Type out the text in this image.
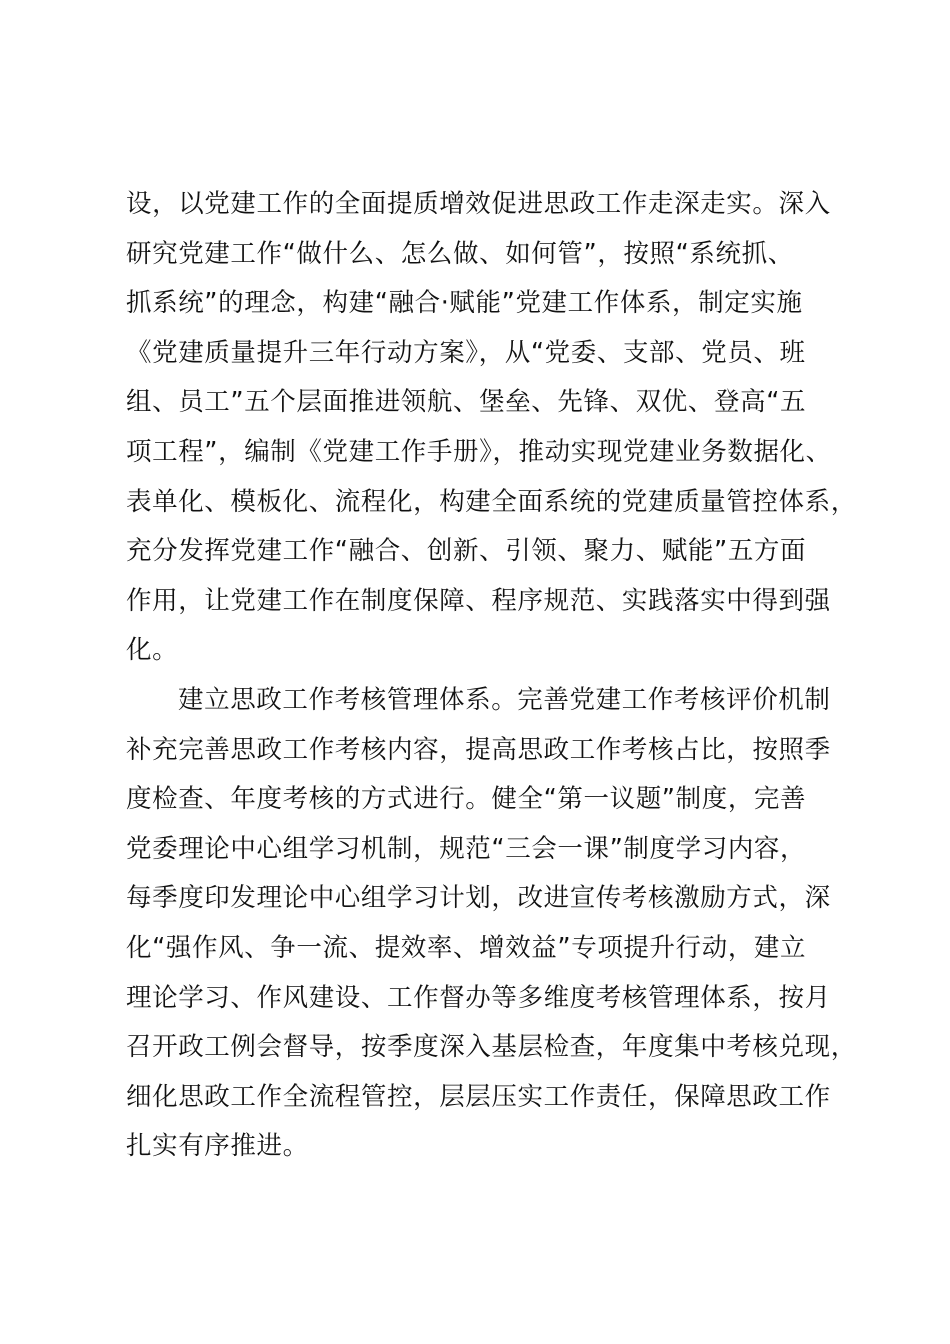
设，以党建工作的全面提质增效促进思政工作走深走实。深入
研究党建工作“做什么、怎么做、如何管”，按照“系统抓、
抓系统”的理念，构建“融合·赋能”党建工作体系，制定实施
《党建质量提升三年行动方案》，从“党委、支部、党员、班
组、员工”五个层面推进领航、堡垒、先锋、双优、登高“五
项工程”，编制《党建工作手册》，推动实现党建业务数据化、
表单化、模板化、流程化，构建全面系统的党建质量管控体系，
充分发挥党建工作“融合、创新、引领、聚力、赋能”五方面
作用，让党建工作在制度保障、程序规范、实践落实中得到强
化。
建立思政工作考核管理体系。完善党建工作考核评价机制
补充完善思政工作考核内容，提高思政工作考核占比，按照季
度检查、年度考核的方式进行。健全“第一议题”制度，完善
党委理论中心组学习机制，规范“三会一课”制度学习内容，
每季度印发理论中心组学习计划，改进宣传考核激励方式，深
化“强作风、争一流、提效率、增效益”专项提升行动，建立
理论学习、作风建设、工作督办等多维度考核管理体系，按月
召开政工例会督导，按季度深入基层检查，年度集中考核兑现，
细化思政工作全流程管控，层层压实工作责任，保障思政工作
扎实有序推进。
